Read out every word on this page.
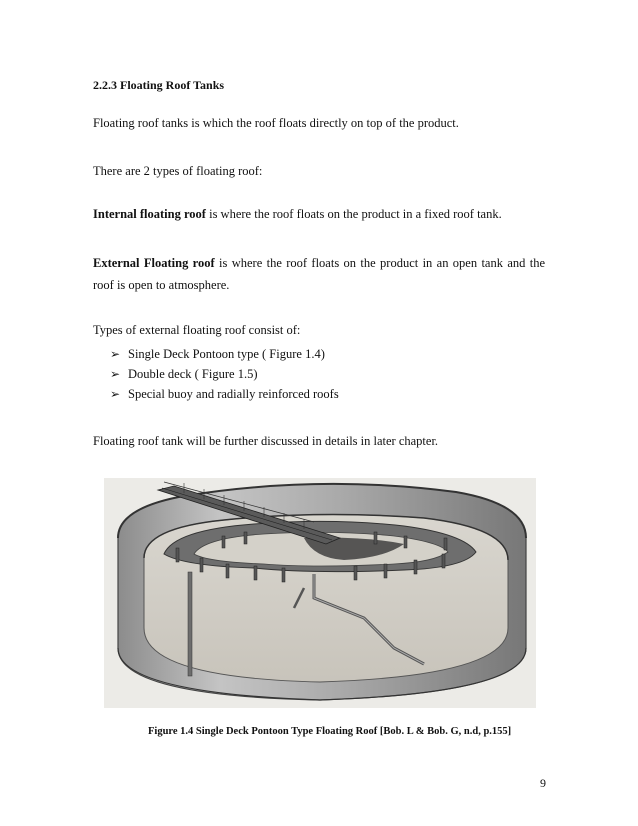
2.2.3 Floating Roof Tanks
Floating roof tanks is which the roof floats directly on top of the product.
There are 2 types of floating roof:
Internal floating roof is where the roof floats on the product in a fixed roof tank.
External Floating roof is where the roof floats on the product in an open tank and the
roof is open to atmosphere.
Types of external floating roof consist of:
➢ Single Deck Pontoon type ( Figure 1.4)
➢ Double deck ( Figure 1.5)
➢ Special buoy and radially reinforced roofs
Floating roof tank will be further discussed in details in later chapter.
Figure 1.4 Single Deck Pontoon Type Floating Roof [Bob. L & Bob. G, n.d, p.155]
9
